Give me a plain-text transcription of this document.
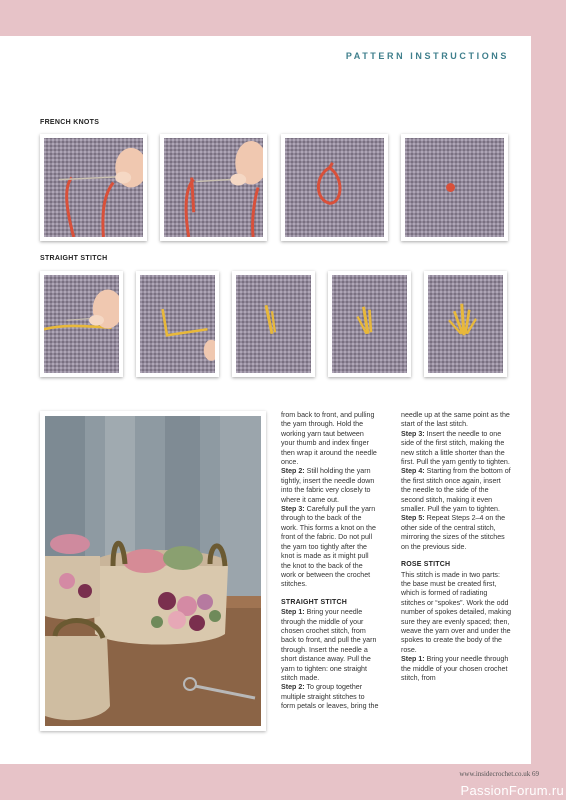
PATTERN INSTRUCTIONS
FRENCH KNOTS
STRAIGHT STITCH

from back to front, and pulling the yarn through. Hold the working yarn taut between your thumb and index finger then wrap it around the needle once.

Step 2: Still holding the yarn tightly, insert the needle down into the fabric very closely to where it came out.

Step 3: Carefully pull the yarn through to the back of the work. This forms a knot on the front of the fabric. Do not pull the yarn too tightly after the knot is made as it might pull the knot to the back of the work or between the crochet stitches.

STRAIGHT STITCH

Step 1: Bring your needle through the middle of your chosen crochet stitch, from back to front, and pull the yarn through. Insert the needle a short distance away. Pull the yarn to tighten: one straight stitch made.

Step 2: To group together multiple straight stitches to form petals or leaves, bring the

needle up at the same point as the start of the last stitch.

Step 3: Insert the needle to one side of the first stitch, making the new stitch a little shorter than the first. Pull the yarn gently to tighten.

Step 4: Starting from the bottom of the first stitch once again, insert the needle to the side of the second stitch, making it even smaller. Pull the yarn to tighten.

Step 5: Repeat Steps 2–4 on the other side of the central stitch, mirroring the sizes of the stitches on the previous side.

ROSE STITCH

This stitch is made in two parts: the base must be created first, which is formed of radiating stitches or “spokes”. Work the odd number of spokes detailed, making sure they are evenly spaced; then, weave the yarn over and under the spokes to create the body of the rose.

Step 1: Bring your needle through the middle of your chosen crochet stitch, from

www.insidecrochet.co.uk 69
PassionForum.ru
